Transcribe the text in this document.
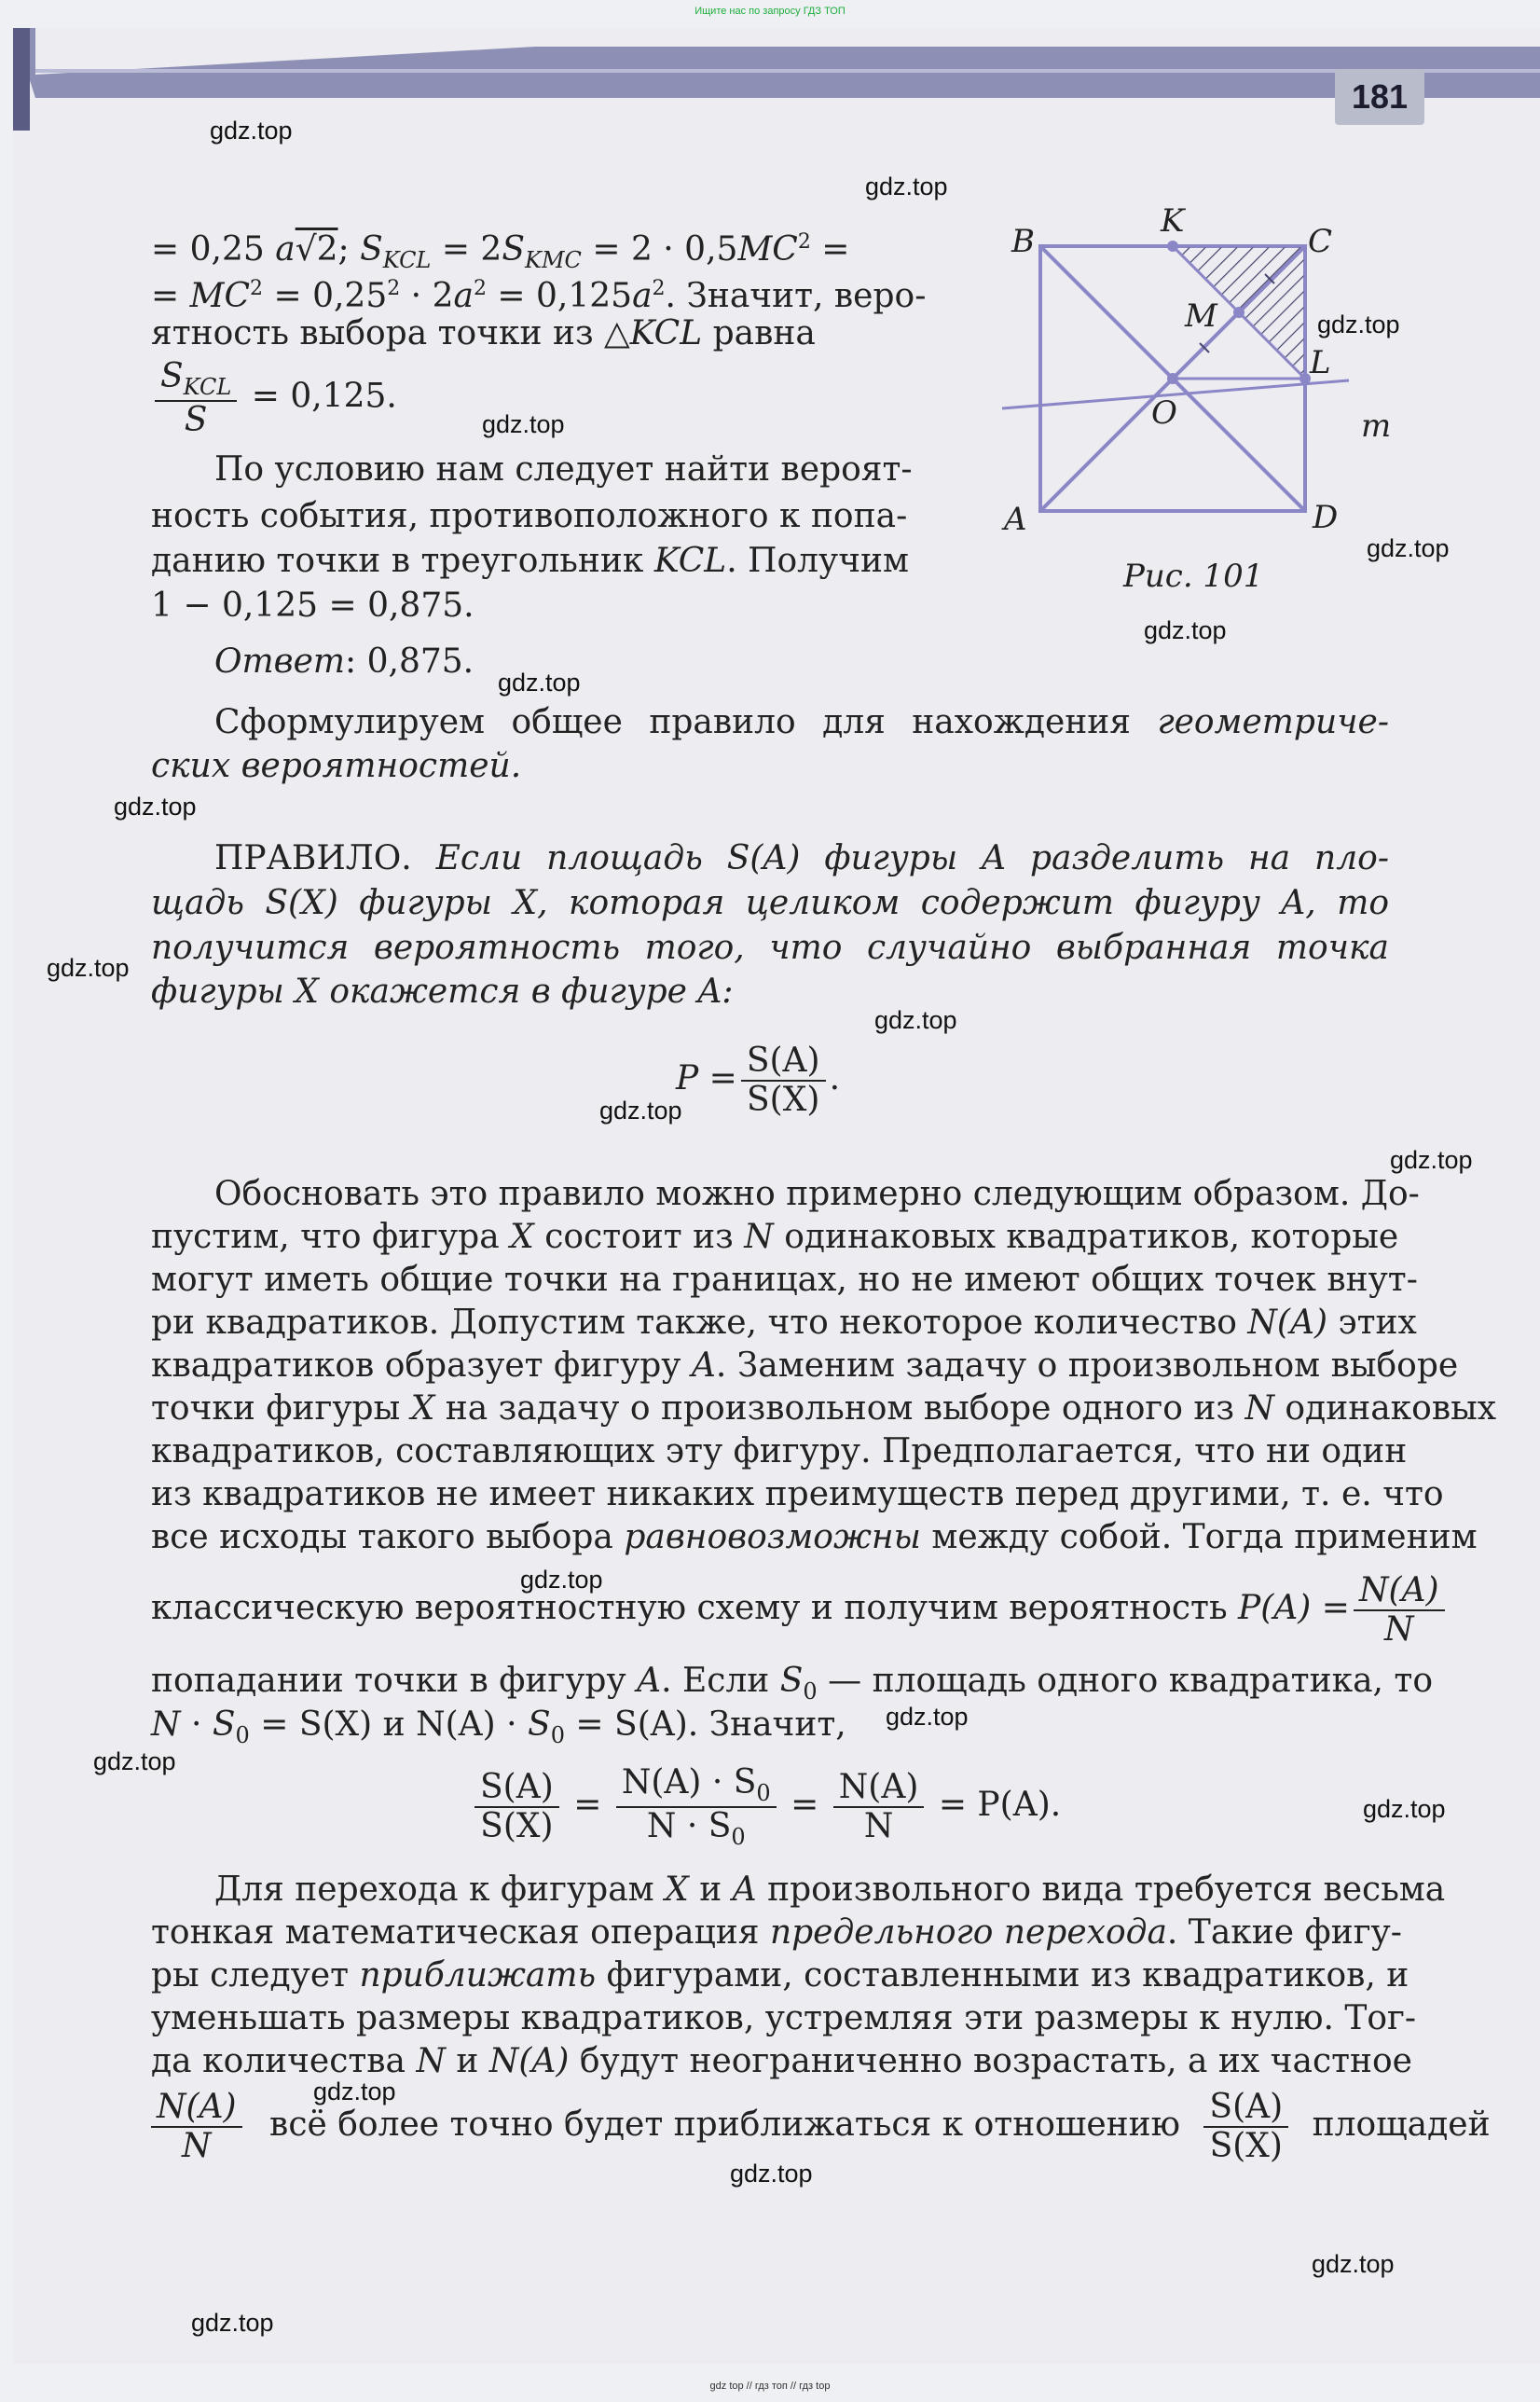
Ищите нас по запросу ГДЗ ТОП
181
gdz.top
gdz.top
gdz.top
gdz.top
gdz.top
gdz.top
gdz.top
gdz.top
gdz.top
gdz.top
gdz.top
gdz.top
gdz.top
gdz.top
gdz.top
gdz.top
gdz.top
gdz.top
gdz.top
gdz.top
B
K
C
M
L
O	m
A	D
Рис. 101
= 0,25 a√2; $S_{KCL} = 2S_{KMC} = 2 \cdot 0,5MC^2$ =
= $MC^2 = 0,25^2 \cdot 2a^2 = 0,125a^2$. Значит, веро-
ятность выбора точки из △KCL равна
$\frac{S_{KCL}}{S} = 0,125$.
По условию нам следует найти вероят-
ность события, противоположного к попа-
данию точки в треугольник KCL. Получим
1 − 0,125 = 0,875.
Ответ: 0,875.
Сформулируем общее правило для нахождения геометриче-
ских вероятностей.
ПРАВИЛО. Если площадь S(A) фигуры A разделить на пло-
щадь S(X) фигуры X, которая целиком содержит фигуру A, то
получится вероятность того, что случайно выбранная точка
фигуры X окажется в фигуре A:
$P = \frac{S(A)}{S(X)}$ .
Обосновать это правило можно примерно следующим образом. До-
пустим, что фигура X состоит из N одинаковых квадратиков, которые
могут иметь общие точки на границах, но не имеют общих точек внут-
ри квадратиков. Допустим также, что некоторое количество N(A) этих
квадратиков образует фигуру A. Заменим задачу о произвольном выборе
точки фигуры X на задачу о произвольном выборе одного из N одинаковых
квадратиков, составляющих эту фигуру. Предполагается, что ни один
из квадратиков не имеет никаких преимуществ перед другими, т. е. что
все исходы такого выбора равновозможны между собой. Тогда применим
классическую вероятностную схему и получим вероятность $P(A) = \frac{N(A)}{N}$
попадании точки в фигуру A. Если $S_0$ — площадь одного квадратика, то
$N \cdot S_0 = S(X)$ и $N(A) \cdot S_0 = S(A)$. Значит,
$\frac{S(A)}{S(X)} = \frac{N(A) \cdot S_0}{N \cdot S_0} = \frac{N(A)}{N} = P(A)$.
Для перехода к фигурам X и A произвольного вида требуется весьма
тонкая математическая операция предельного перехода. Такие фигу-
ры следует приближать фигурами, составленными из квадратиков, и
уменьшать размеры квадратиков, устремляя эти размеры к нулю. Тог-
да количества N и N(A) будут неограниченно возрастать, а их частное
$\frac{N(A)}{N}$ всё более точно будет приближаться к отношению $\frac{S(A)}{S(X)}$ площадей
gdz top // гдз топ // гдз top
